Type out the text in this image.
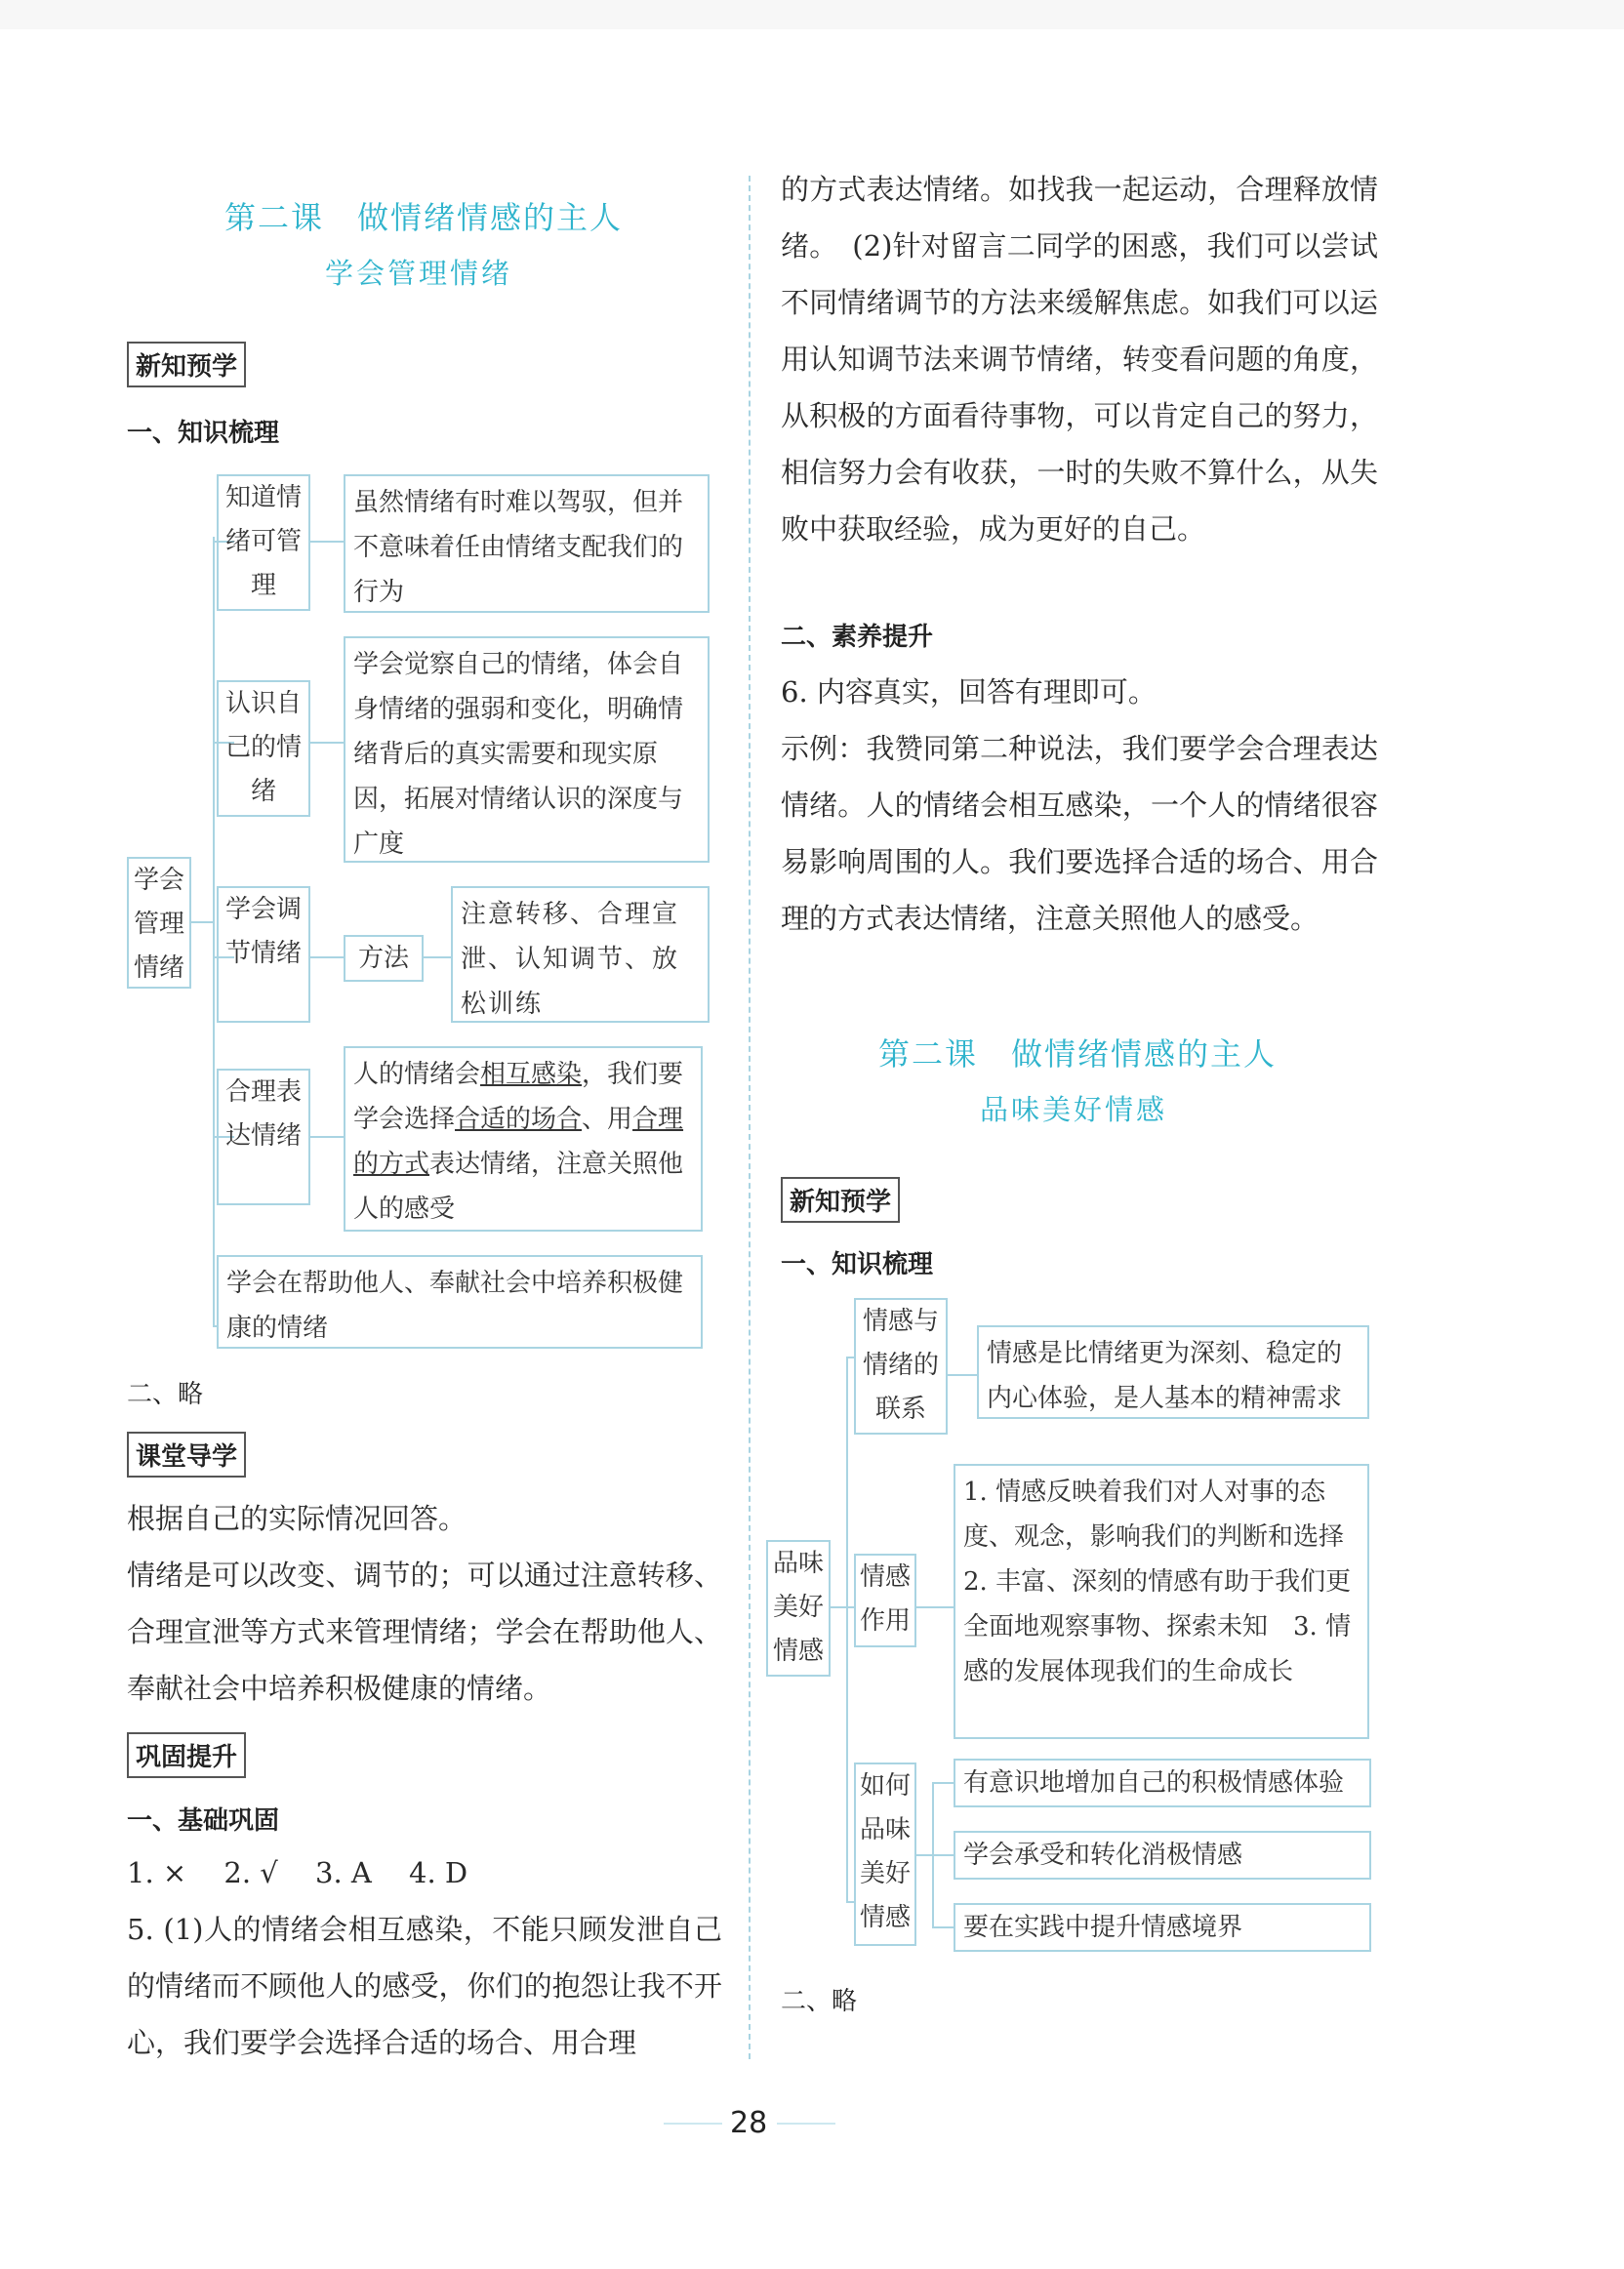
第二课　做情绪情感的主人
学会管理情绪
新知预学
一、知识梳理
学会管理情绪
知道情绪可管理
虽然情绪有时难以驾驭，但并不意味着任由情绪支配我们的行为
认识自己的情绪
学会觉察自己的情绪，体会自身情绪的强弱和变化，明确情绪背后的真实需要和现实原因，拓展对情绪认识的深度与广度
学会调节情绪	方法
注意转移、合理宣泄、认知调节、放松训练
合理表达情绪
人的情绪会相互感染，我们要学会选择合适的场合、用合理的方式表达情绪，注意关照他人的感受
学会在帮助他人、奉献社会中培养积极健康的情绪
二、略
课堂导学

根据自己的实际情况回答。

情绪是可以改变、调节的；可以通过注意转移、合理宣泄等方式来管理情绪；学会在帮助他人、奉献社会中培养积极健康的情绪。

巩固提升
一、基础巩固
1. ×　 2. √　 3. A　 4. D
5. (1)人的情绪会相互感染，不能只顾发泄自己的情绪而不顾他人的感受，你们的抱怨让我不开心，我们要学会选择合适的场合、用合理
的方式表达情绪。如找我一起运动，合理释放情绪。　(2)针对留言二同学的困惑，我们可以尝试不同情绪调节的方法来缓解焦虑。如我们可以运用认知调节法来调节情绪，转变看问题的角度，从积极的方面看待事物，可以肯定自己的努力，相信努力会有收获，一时的失败不算什么，从失败中获取经验，成为更好的自己。
二、素养提升
6. 内容真实，回答有理即可。
示例：我赞同第二种说法，我们要学会合理表达情绪。人的情绪会相互感染，一个人的情绪很容易影响周围的人。我们要选择合适的场合、用合理的方式表达情绪，注意关照他人的感受。
第二课　做情绪情感的主人
品味美好情感
新知预学
一、知识梳理
品味美好情感
情感与情绪的联系
情感是比情绪更为深刻、稳定的内心体验，是人基本的精神需求
情感作用
1. 情感反映着我们对人对事的态度、观念，影响我们的判断和选择　2. 丰富、深刻的情感有助于我们更全面地观察事物、探索未知　3. 情感的发展体现我们的生命成长
如何品味美好情感
有意识地增加自己的积极情感体验
学会承受和转化消极情感
要在实践中提升情感境界
二、略
28
